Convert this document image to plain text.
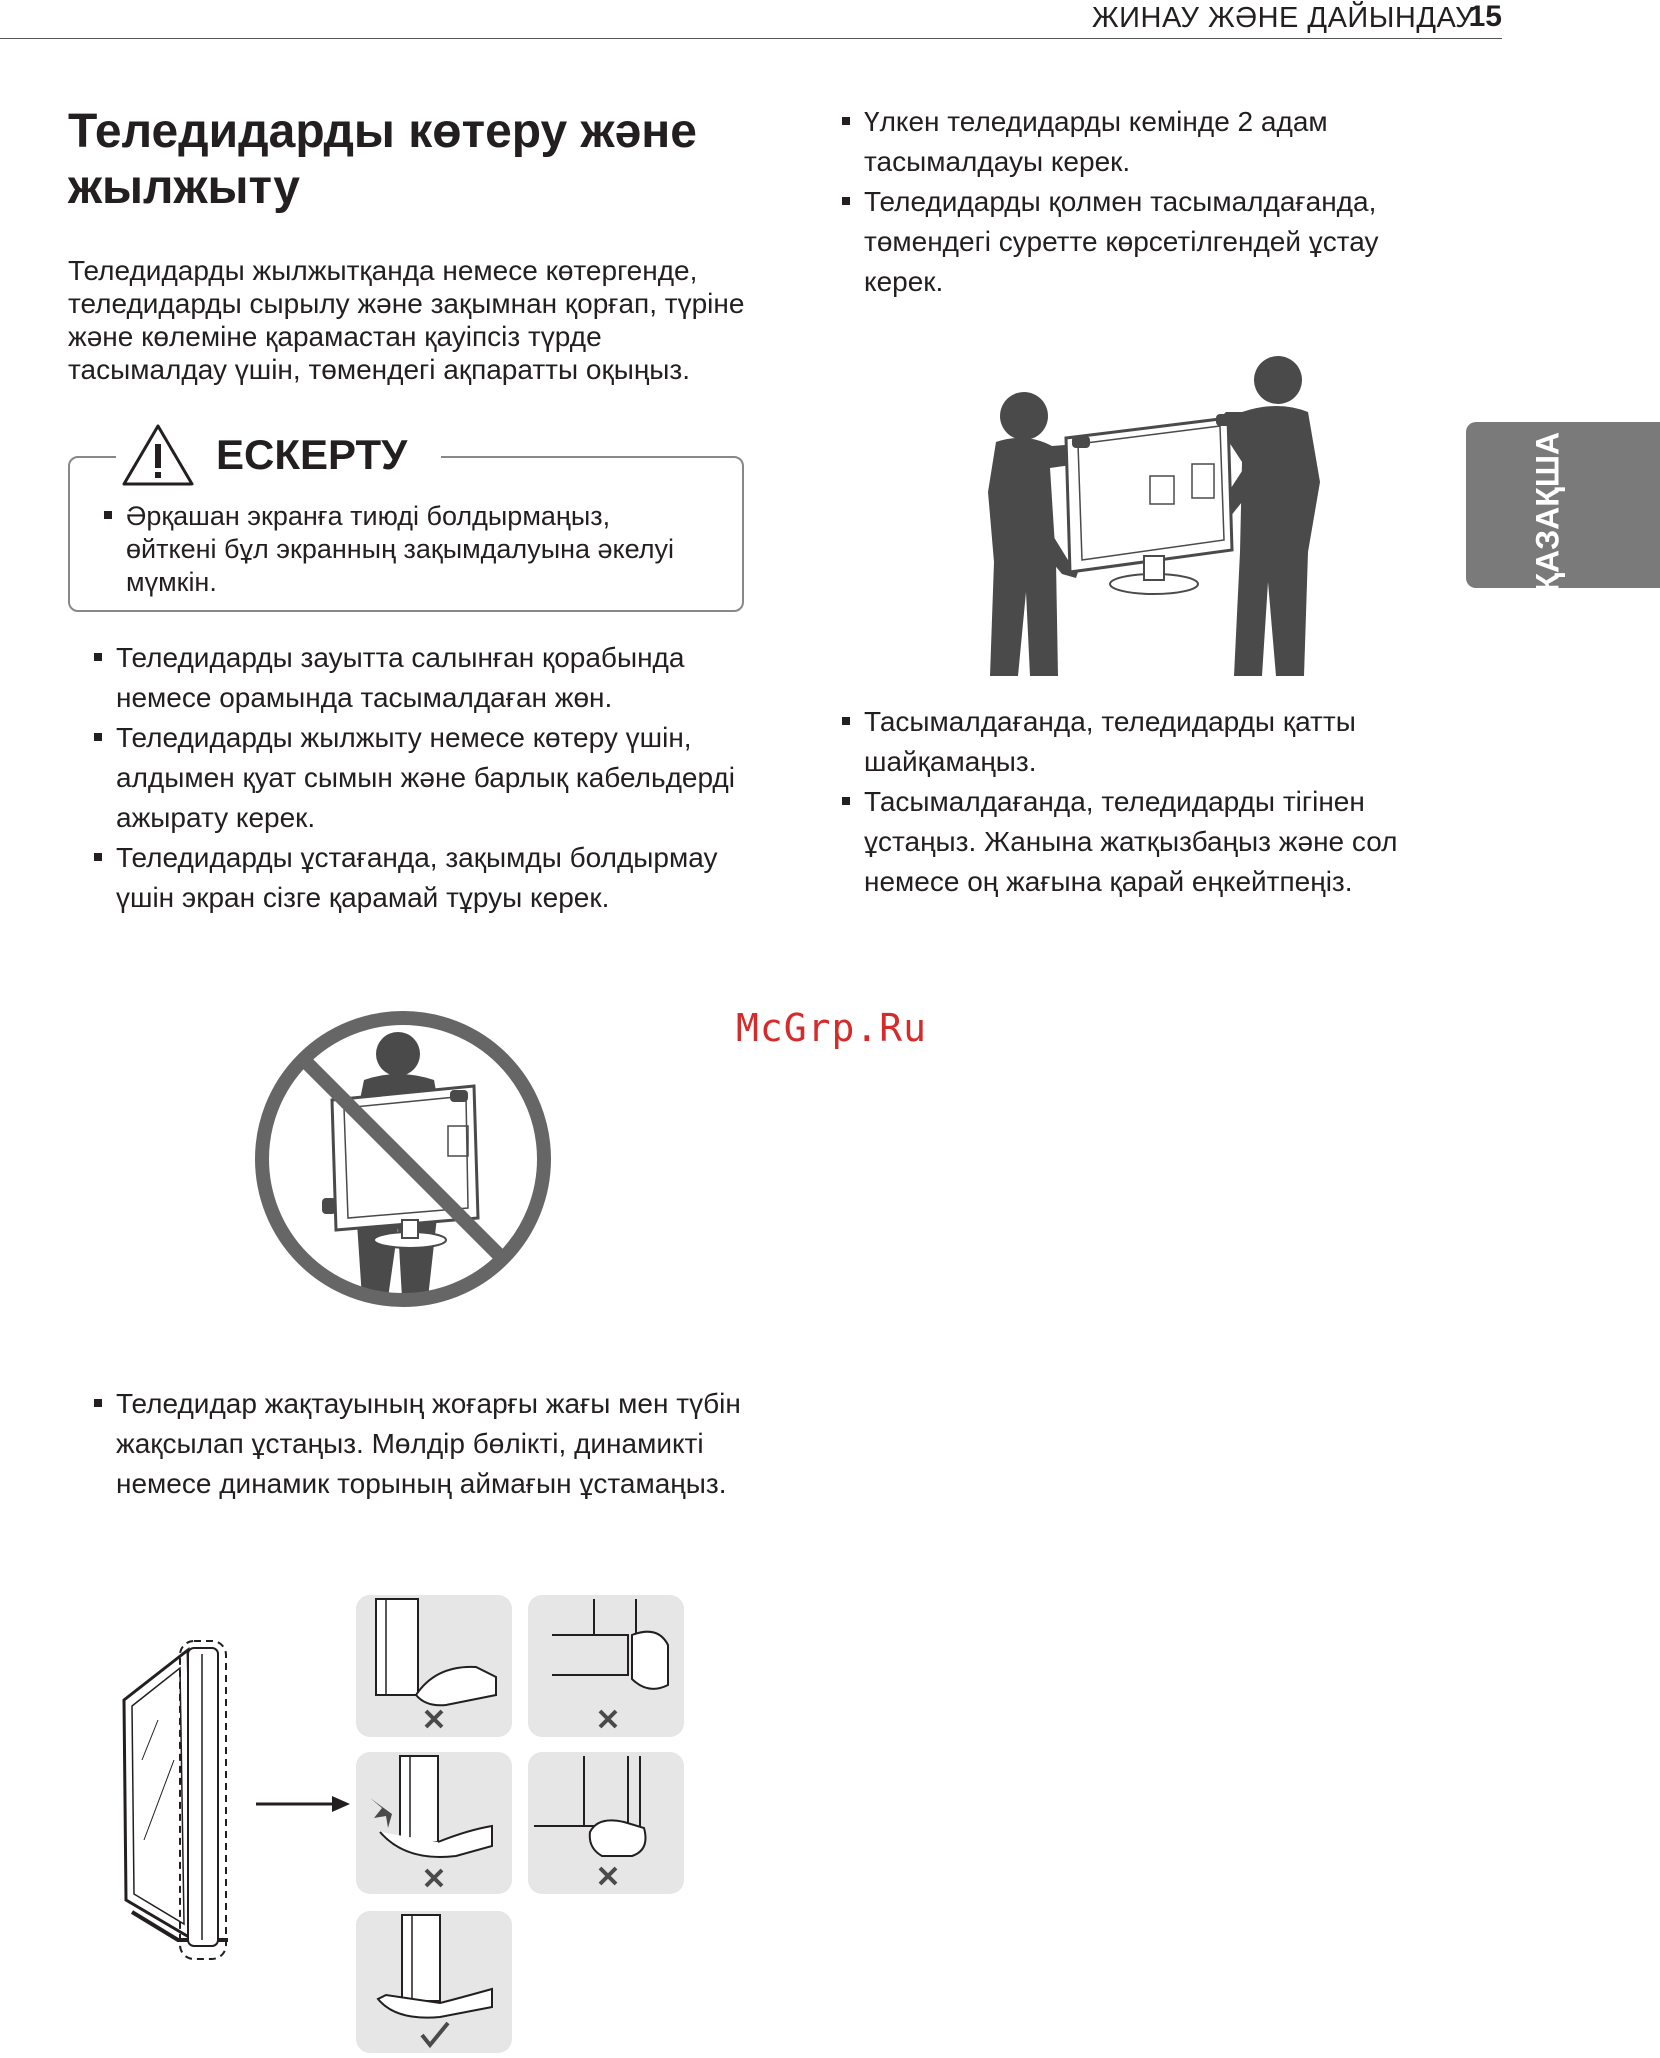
ЖИНАУ ЖӘНЕ ДАЙЫНДАУ
15
ҚАЗАҚША
Теледидарды көтеру және жылжыту
Теледидарды жылжытқанда немесе көтергенде, теледидарды сырылу және зақымнан қорғап, түріне және көлеміне қарамастан қауіпсіз түрде тасымалдау үшін, төмендегі ақпаратты оқыңыз.
ЕСКЕРТУ
Әрқашан экранға тиюді болдырмаңыз, өйткені бұл экранның зақымдалуына әкелуі мүмкін.
Теледидарды зауытта салынған қорабында немесе орамында тасымалдаған жөн.
Теледидарды жылжыту немесе көтеру үшін, алдымен қуат сымын және барлық кабельдерді ажырату керек.
Теледидарды ұстағанда, зақымды болдырмау үшін экран сізге қарамай тұруы керек.
Теледидар жақтауының жоғарғы жағы мен түбін жақсылап ұстаңыз. Мөлдір бөлікті, динамикті немесе динамик торының аймағын ұстамаңыз.
Үлкен теледидарды кемінде 2 адам тасымалдауы керек.
Теледидарды қолмен тасымалдағанда, төмендегі суретте көрсетілгендей ұстау керек.
Тасымалдағанда, теледидарды қатты шайқамаңыз.
Тасымалдағанда, теледидарды тігінен ұстаңыз. Жанына жатқызбаңыз және сол немесе оң жағына қарай еңкейтпеңіз.
McGrp.Ru
